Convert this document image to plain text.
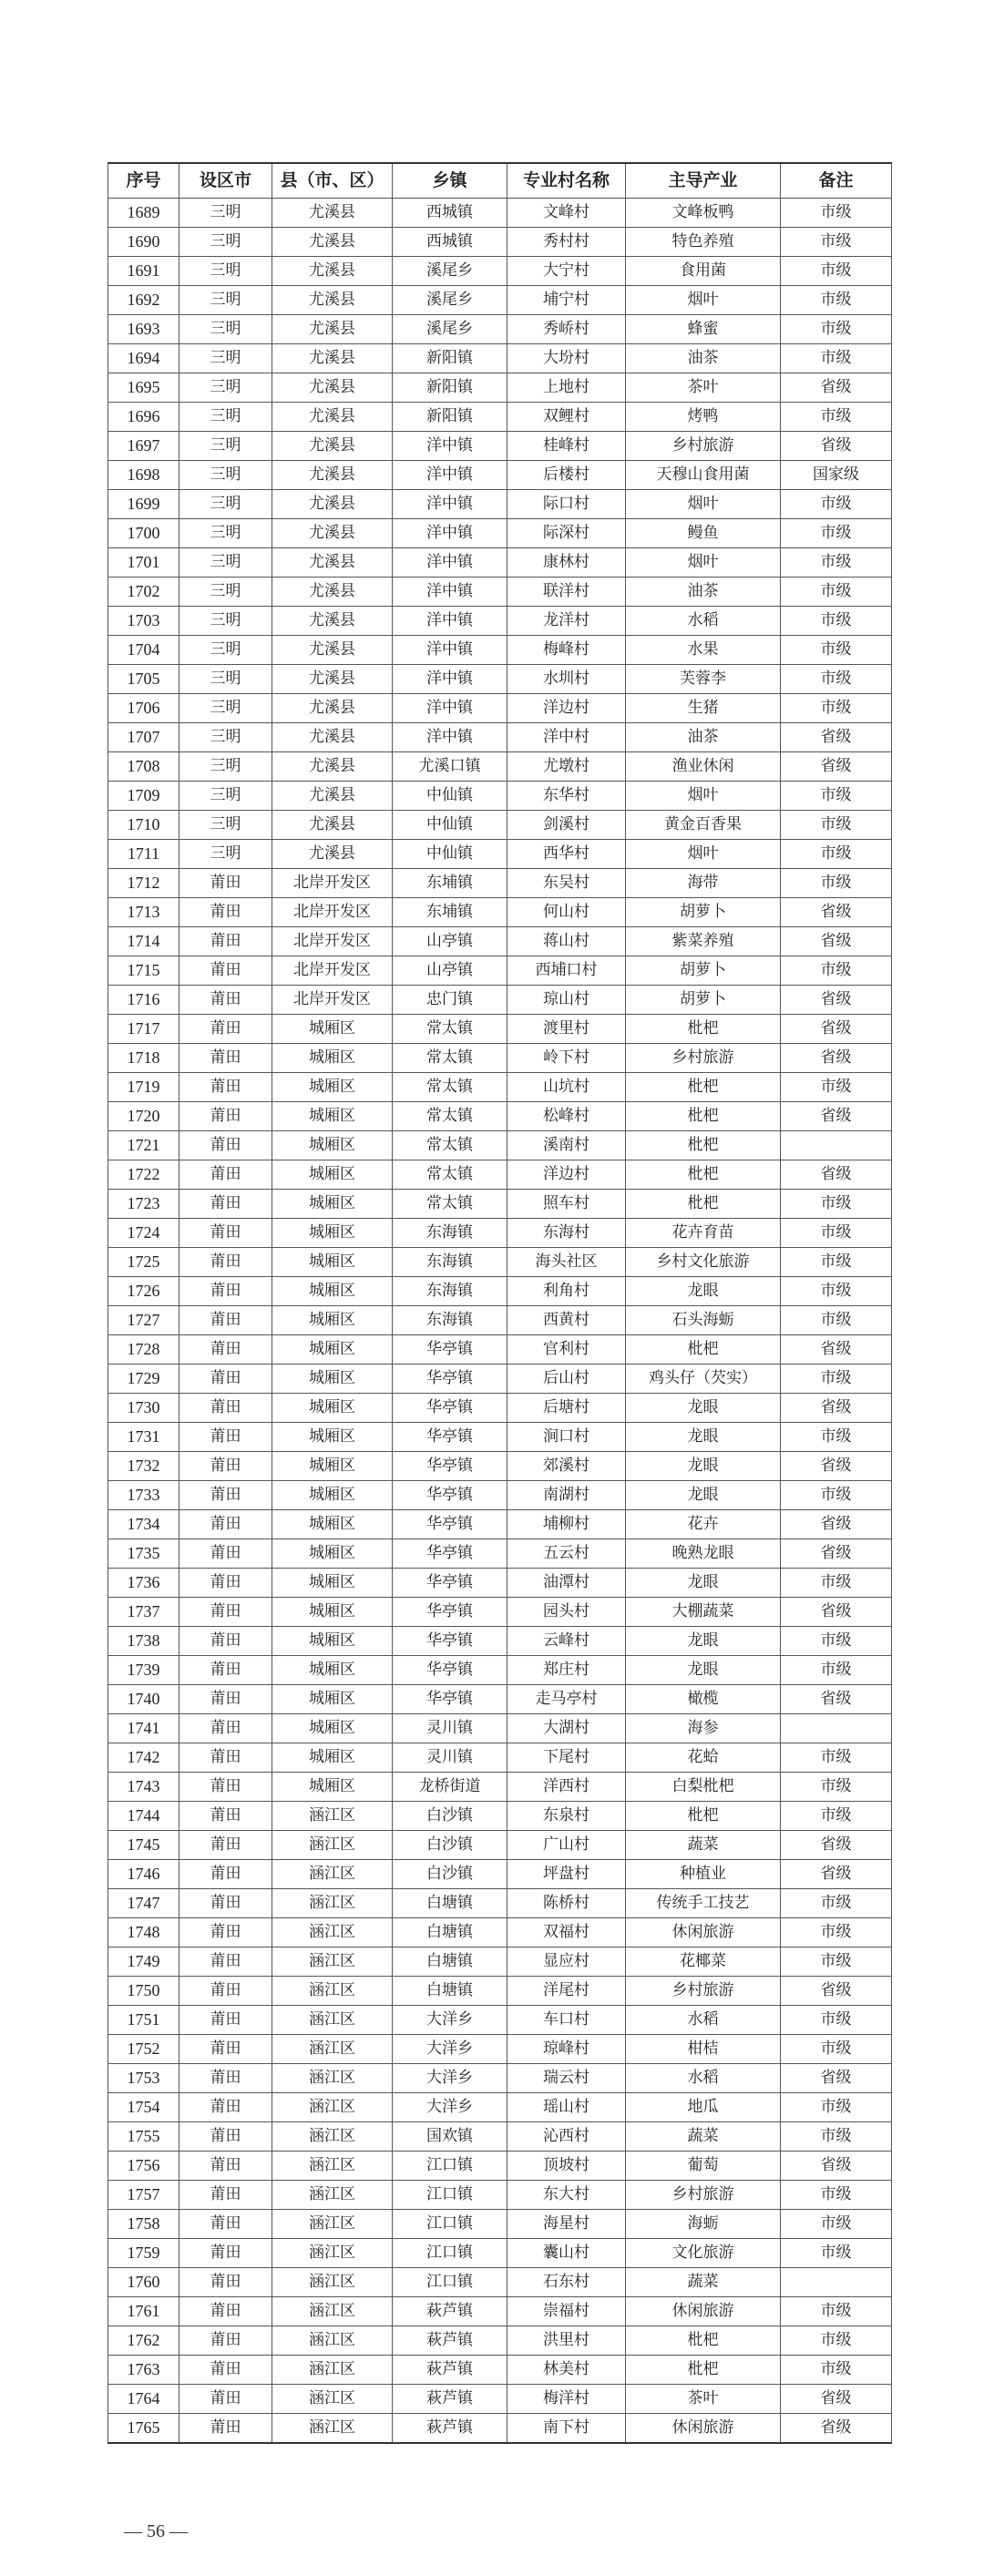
序号	设区市	县（市、区）	乡镇	专业村名称	主导产业	备注
1689	三明	尤溪县	西城镇	文峰村	文峰板鸭	市级
1690	三明	尤溪县	西城镇	秀村村	特色养殖	市级
1691	三明	尤溪县	溪尾乡	大宁村	食用菌	市级
1692	三明	尤溪县	溪尾乡	埔宁村	烟叶	市级
1693	三明	尤溪县	溪尾乡	秀峤村	蜂蜜	市级
1694	三明	尤溪县	新阳镇	大坋村	油茶	市级
1695	三明	尤溪县	新阳镇	上地村	茶叶	省级
1696	三明	尤溪县	新阳镇	双鲤村	烤鸭	市级
1697	三明	尤溪县	洋中镇	桂峰村	乡村旅游	省级
1698	三明	尤溪县	洋中镇	后楼村	天穆山食用菌	国家级
1699	三明	尤溪县	洋中镇	际口村	烟叶	市级
1700	三明	尤溪县	洋中镇	际深村	鳗鱼	市级
1701	三明	尤溪县	洋中镇	康林村	烟叶	市级
1702	三明	尤溪县	洋中镇	联洋村	油茶	市级
1703	三明	尤溪县	洋中镇	龙洋村	水稻	市级
1704	三明	尤溪县	洋中镇	梅峰村	水果	市级
1705	三明	尤溪县	洋中镇	水圳村	芙蓉李	市级
1706	三明	尤溪县	洋中镇	洋边村	生猪	市级
1707	三明	尤溪县	洋中镇	洋中村	油茶	省级
1708	三明	尤溪县	尤溪口镇	尤墩村	渔业休闲	省级
1709	三明	尤溪县	中仙镇	东华村	烟叶	市级
1710	三明	尤溪县	中仙镇	剑溪村	黄金百香果	市级
1711	三明	尤溪县	中仙镇	西华村	烟叶	市级
1712	莆田	北岸开发区	东埔镇	东吴村	海带	市级
1713	莆田	北岸开发区	东埔镇	何山村	胡萝卜	省级
1714	莆田	北岸开发区	山亭镇	蒋山村	紫菜养殖	省级
1715	莆田	北岸开发区	山亭镇	西埔口村	胡萝卜	市级
1716	莆田	北岸开发区	忠门镇	琼山村	胡萝卜	省级
1717	莆田	城厢区	常太镇	渡里村	枇杷	省级
1718	莆田	城厢区	常太镇	岭下村	乡村旅游	省级
1719	莆田	城厢区	常太镇	山坑村	枇杷	市级
1720	莆田	城厢区	常太镇	松峰村	枇杷	省级
1721	莆田	城厢区	常太镇	溪南村	枇杷	
1722	莆田	城厢区	常太镇	洋边村	枇杷	省级
1723	莆田	城厢区	常太镇	照车村	枇杷	市级
1724	莆田	城厢区	东海镇	东海村	花卉育苗	市级
1725	莆田	城厢区	东海镇	海头社区	乡村文化旅游	市级
1726	莆田	城厢区	东海镇	利角村	龙眼	市级
1727	莆田	城厢区	东海镇	西黄村	石头海蛎	市级
1728	莆田	城厢区	华亭镇	官利村	枇杷	省级
1729	莆田	城厢区	华亭镇	后山村	鸡头仔（芡实）	市级
1730	莆田	城厢区	华亭镇	后塘村	龙眼	省级
1731	莆田	城厢区	华亭镇	涧口村	龙眼	市级
1732	莆田	城厢区	华亭镇	郊溪村	龙眼	省级
1733	莆田	城厢区	华亭镇	南湖村	龙眼	市级
1734	莆田	城厢区	华亭镇	埔柳村	花卉	省级
1735	莆田	城厢区	华亭镇	五云村	晚熟龙眼	省级
1736	莆田	城厢区	华亭镇	油潭村	龙眼	市级
1737	莆田	城厢区	华亭镇	园头村	大棚蔬菜	省级
1738	莆田	城厢区	华亭镇	云峰村	龙眼	市级
1739	莆田	城厢区	华亭镇	郑庄村	龙眼	市级
1740	莆田	城厢区	华亭镇	走马亭村	橄榄	省级
1741	莆田	城厢区	灵川镇	大湖村	海参	
1742	莆田	城厢区	灵川镇	下尾村	花蛤	市级
1743	莆田	城厢区	龙桥街道	洋西村	白梨枇杷	市级
1744	莆田	涵江区	白沙镇	东泉村	枇杷	市级
1745	莆田	涵江区	白沙镇	广山村	蔬菜	省级
1746	莆田	涵江区	白沙镇	坪盘村	种植业	省级
1747	莆田	涵江区	白塘镇	陈桥村	传统手工技艺	市级
1748	莆田	涵江区	白塘镇	双福村	休闲旅游	市级
1749	莆田	涵江区	白塘镇	显应村	花椰菜	市级
1750	莆田	涵江区	白塘镇	洋尾村	乡村旅游	省级
1751	莆田	涵江区	大洋乡	车口村	水稻	市级
1752	莆田	涵江区	大洋乡	琼峰村	柑桔	市级
1753	莆田	涵江区	大洋乡	瑞云村	水稻	省级
1754	莆田	涵江区	大洋乡	瑶山村	地瓜	市级
1755	莆田	涵江区	国欢镇	沁西村	蔬菜	市级
1756	莆田	涵江区	江口镇	顶坡村	葡萄	省级
1757	莆田	涵江区	江口镇	东大村	乡村旅游	市级
1758	莆田	涵江区	江口镇	海星村	海蛎	市级
1759	莆田	涵江区	江口镇	囊山村	文化旅游	市级
1760	莆田	涵江区	江口镇	石东村	蔬菜	
1761	莆田	涵江区	萩芦镇	崇福村	休闲旅游	市级
1762	莆田	涵江区	萩芦镇	洪里村	枇杷	市级
1763	莆田	涵江区	萩芦镇	林美村	枇杷	市级
1764	莆田	涵江区	萩芦镇	梅洋村	茶叶	省级
1765	莆田	涵江区	萩芦镇	南下村	休闲旅游	省级
— 56 —
